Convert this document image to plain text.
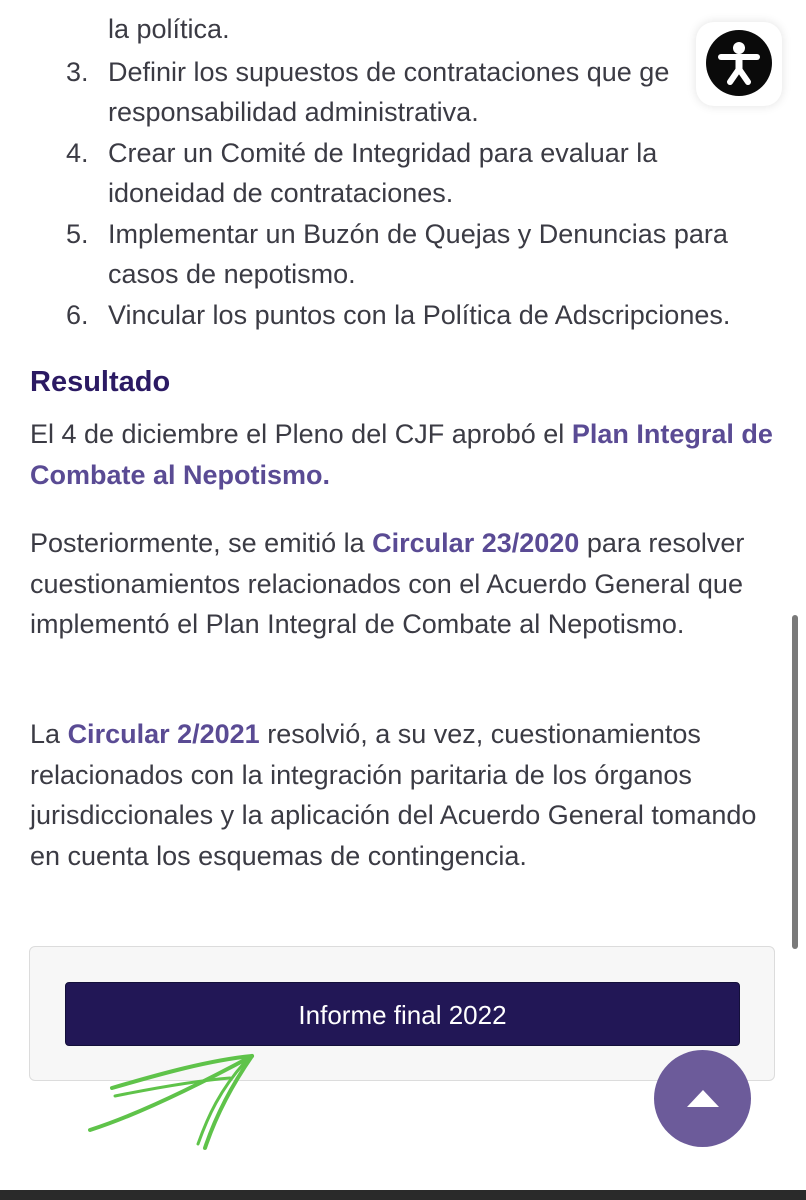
la política.
3. Definir los supuestos de contrataciones que ge
responsabilidad administrativa.
4. Crear un Comité de Integridad para evaluar la
idoneidad de contrataciones.
5. Implementar un Buzón de Quejas y Denuncias para
casos de nepotismo.
6. Vincular los puntos con la Política de Adscripciones.
Resultado
El 4 de diciembre el Pleno del CJF aprobó el Plan Integral de Combate al Nepotismo.
Posteriormente, se emitió la Circular 23/2020 para resolver cuestionamientos relacionados con el Acuerdo General que implementó el Plan Integral de Combate al Nepotismo.
La Circular 2/2021 resolvió, a su vez, cuestionamientos relacionados con la integración paritaria de los órganos jurisdiccionales y la aplicación del Acuerdo General tomando en cuenta los esquemas de contingencia.
Informe final 2022
